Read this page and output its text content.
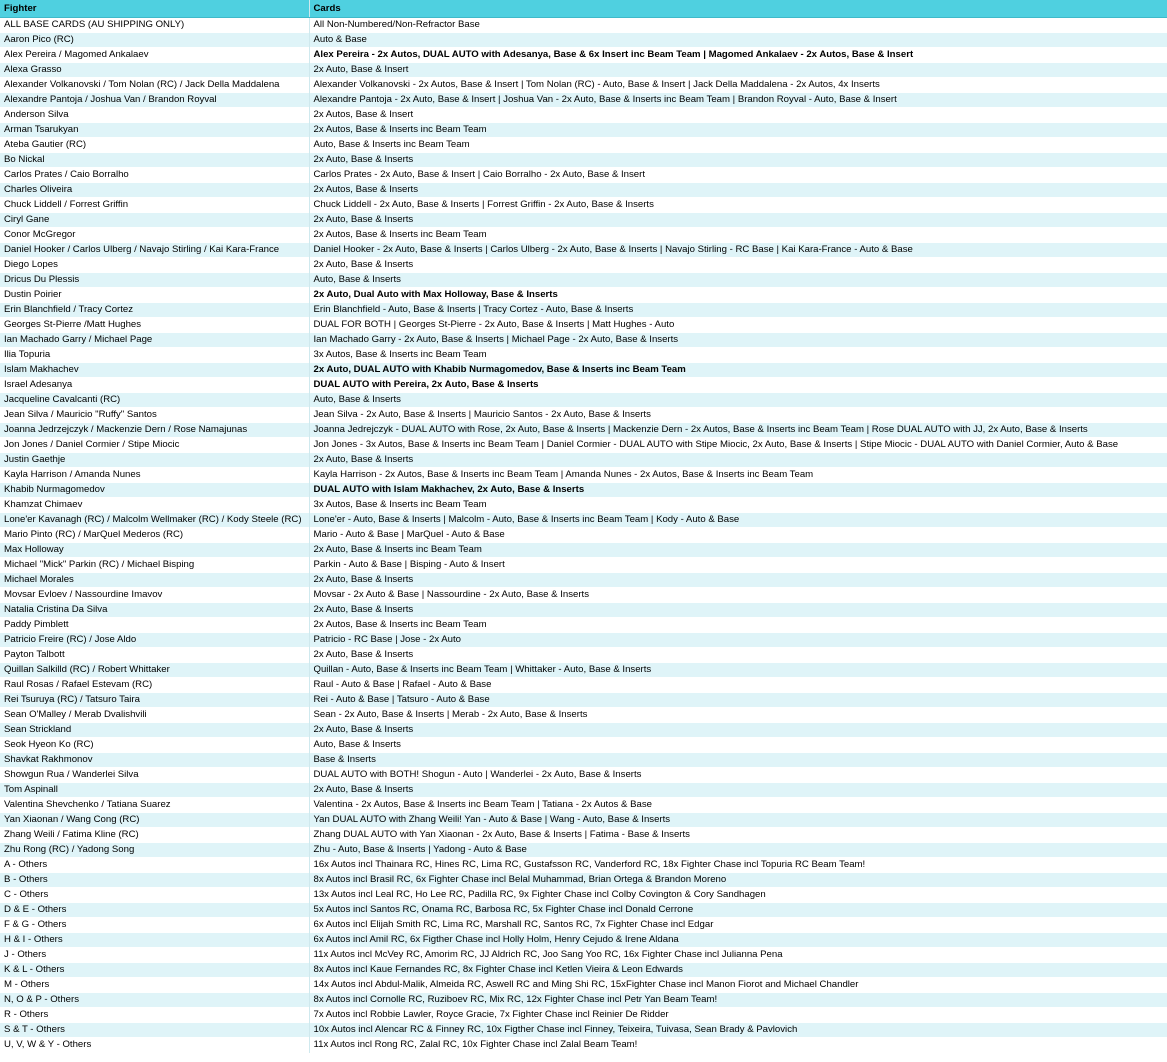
Fighter	Cards
ALL BASE CARDS (AU SHIPPING ONLY)	All Non-Numbered/Non-Refractor Base
Aaron Pico (RC)	Auto & Base
Alex Pereira / Magomed Ankalaev	Alex Pereira - 2x Autos, DUAL AUTO with Adesanya, Base & 6x Insert inc Beam Team | Magomed Ankalaev - 2x Autos, Base & Insert
Alexa Grasso	2x Auto, Base & Insert
Alexander Volkanovski / Tom Nolan (RC) / Jack Della Maddalena	Alexander Volkanovski - 2x Autos, Base & Insert | Tom Nolan (RC) - Auto, Base & Insert | Jack Della Maddalena - 2x Autos, 4x Inserts
Alexandre Pantoja / Joshua Van / Brandon Royval	Alexandre Pantoja - 2x Auto, Base & Insert | Joshua Van - 2x Auto, Base & Inserts inc Beam Team | Brandon Royval - Auto, Base & Insert
Anderson Silva	2x Autos, Base & Insert
Arman Tsarukyan	2x Autos, Base & Inserts inc Beam Team
Ateba Gautier (RC)	Auto, Base & Inserts inc Beam Team
Bo Nickal	2x Auto, Base & Inserts
Carlos Prates / Caio Borralho	Carlos Prates - 2x Auto, Base & Insert | Caio Borralho - 2x Auto, Base & Insert
Charles Oliveira	2x Autos, Base & Inserts
Chuck Liddell / Forrest Griffin	Chuck Liddell - 2x Auto, Base & Inserts | Forrest Griffin - 2x Auto, Base & Inserts
Ciryl Gane	2x Auto, Base & Inserts
Conor McGregor	2x Autos, Base & Inserts inc Beam Team
Daniel Hooker / Carlos Ulberg / Navajo Stirling / Kai Kara-France	Daniel Hooker - 2x Auto, Base & Inserts | Carlos Ulberg - 2x Auto, Base & Inserts | Navajo Stirling - RC Base | Kai Kara-France - Auto & Base
Diego Lopes	2x Auto, Base & Inserts
Dricus Du Plessis	Auto, Base & Inserts
Dustin Poirier	2x Auto, Dual Auto with Max Holloway, Base & Inserts
Erin Blanchfield / Tracy Cortez	Erin Blanchfield - Auto, Base & Inserts | Tracy Cortez - Auto, Base & Inserts
Georges St-Pierre /Matt Hughes	DUAL FOR BOTH | Georges St-Pierre - 2x Auto, Base & Inserts | Matt Hughes - Auto
Ian Machado Garry / Michael Page	Ian Machado Garry - 2x Auto, Base & Inserts | Michael Page - 2x Auto, Base & Inserts
Ilia Topuria	3x Autos, Base & Inserts inc Beam Team
Islam Makhachev	2x Auto, DUAL AUTO with Khabib Nurmagomedov, Base & Inserts inc Beam Team
Israel Adesanya	DUAL AUTO with Pereira, 2x Auto, Base & Inserts
Jacqueline Cavalcanti (RC)	Auto, Base & Inserts
Jean Silva / Mauricio "Ruffy" Santos	Jean Silva - 2x Auto, Base & Inserts | Mauricio Santos - 2x Auto, Base & Inserts
Joanna Jedrzejczyk / Mackenzie Dern / Rose Namajunas	Joanna Jedrejczyk - DUAL AUTO with Rose, 2x Auto, Base & Inserts | Mackenzie Dern - 2x Autos, Base & Inserts inc Beam Team | Rose DUAL AUTO with JJ, 2x Auto, Base & Inserts
Jon Jones / Daniel Cormier / Stipe Miocic	Jon Jones - 3x Autos, Base & Inserts inc Beam Team | Daniel Cormier - DUAL AUTO with Stipe Miocic, 2x Auto, Base & Inserts | Stipe Miocic - DUAL AUTO with Daniel Cormier, Auto & Base
Justin Gaethje	2x Auto, Base & Inserts
Kayla Harrison / Amanda Nunes	Kayla Harrison - 2x Autos, Base & Inserts inc Beam Team | Amanda Nunes - 2x Autos, Base & Inserts inc Beam Team
Khabib Nurmagomedov	DUAL AUTO with Islam Makhachev, 2x Auto, Base & Inserts
Khamzat Chimaev	3x Autos, Base & Inserts inc Beam Team
Lone'er Kavanagh (RC) / Malcolm Wellmaker (RC) / Kody Steele (RC)	Lone'er - Auto, Base & Inserts | Malcolm - Auto, Base & Inserts inc Beam Team | Kody - Auto & Base
Mario Pinto (RC) / MarQuel Mederos (RC)	Mario - Auto & Base | MarQuel - Auto & Base
Max Holloway	2x Auto, Base & Inserts inc Beam Team
Michael "Mick" Parkin (RC) / Michael Bisping	Parkin - Auto & Base | Bisping - Auto & Insert
Michael Morales	2x Auto, Base & Inserts
Movsar Evloev / Nassourdine Imavov	Movsar - 2x Auto & Base | Nassourdine - 2x Auto, Base & Inserts
Natalia Cristina Da Silva	2x Auto, Base & Inserts
Paddy Pimblett	2x Autos, Base & Inserts inc Beam Team
Patricio Freire (RC) / Jose Aldo	Patricio - RC Base | Jose - 2x Auto
Payton Talbott	2x Auto, Base & Inserts
Quillan Salkilld (RC) / Robert Whittaker	Quillan - Auto, Base & Inserts inc Beam Team | Whittaker - Auto, Base & Inserts
Raul Rosas / Rafael Estevam (RC)	Raul - Auto & Base | Rafael - Auto & Base
Rei Tsuruya (RC) / Tatsuro Taira	Rei - Auto & Base | Tatsuro - Auto & Base
Sean O'Malley / Merab Dvalishvili	Sean - 2x Auto, Base & Inserts | Merab - 2x Auto, Base & Inserts
Sean Strickland	2x Auto, Base & Inserts
Seok Hyeon Ko (RC)	Auto, Base & Inserts
Shavkat Rakhmonov	Base & Inserts
Showgun Rua / Wanderlei Silva	DUAL AUTO with BOTH! Shogun - Auto | Wanderlei - 2x Auto, Base & Inserts
Tom Aspinall	2x Auto, Base & Inserts
Valentina Shevchenko / Tatiana Suarez	Valentina - 2x Autos, Base & Inserts inc Beam Team | Tatiana - 2x Autos & Base
Yan Xiaonan / Wang Cong (RC)	Yan DUAL AUTO with Zhang Weili! Yan - Auto & Base | Wang - Auto, Base & Inserts
Zhang Weili / Fatima Kline (RC)	Zhang DUAL AUTO with Yan Xiaonan - 2x Auto, Base & Inserts | Fatima - Base & Inserts
Zhu Rong (RC) / Yadong Song	Zhu - Auto, Base & Inserts | Yadong - Auto & Base
A - Others	16x Autos incl Thainara RC, Hines RC, Lima RC, Gustafsson RC, Vanderford RC, 18x Fighter Chase incl Topuria RC Beam Team!
B - Others	8x Autos incl Brasil RC, 6x Fighter Chase incl Belal Muhammad, Brian Ortega & Brandon Moreno
C - Others	13x Autos incl Leal RC, Ho Lee RC, Padilla RC, 9x Fighter Chase incl Colby Covington & Cory Sandhagen
D & E - Others	5x Autos incl Santos RC, Onama RC, Barbosa RC, 5x Fighter Chase incl Donald Cerrone
F & G - Others	6x Autos incl Elijah Smith RC, Lima RC, Marshall RC, Santos RC, 7x Fighter Chase incl Edgar
H & I - Others	6x Autos incl Amil RC, 6x Figther Chase incl Holly Holm, Henry Cejudo & Irene Aldana
J - Others	11x Autos incl McVey RC, Amorim RC, JJ Aldrich RC, Joo Sang Yoo RC, 16x Fighter Chase incl Julianna Pena
K & L - Others	8x Autos incl Kaue Fernandes RC, 8x Fighter Chase incl Ketlen Vieira & Leon Edwards
M - Others	14x Autos incl Abdul-Malik, Almeida RC, Aswell RC and Ming Shi RC, 15xFighter Chase incl Manon Fiorot and Michael Chandler
N, O & P - Others	8x Autos incl Cornolle RC, Ruziboev RC, Mix RC, 12x Fighter Chase incl Petr Yan Beam Team!
R - Others	7x Autos incl Robbie Lawler, Royce Gracie, 7x Fighter Chase incl Reinier De Ridder
S & T - Others	10x Autos incl Alencar RC & Finney RC, 10x Figther Chase incl Finney, Teixeira, Tuivasa, Sean Brady & Pavlovich
U, V, W & Y - Others	11x Autos incl Rong RC, Zalal RC, 10x Fighter Chase incl Zalal Beam Team!
